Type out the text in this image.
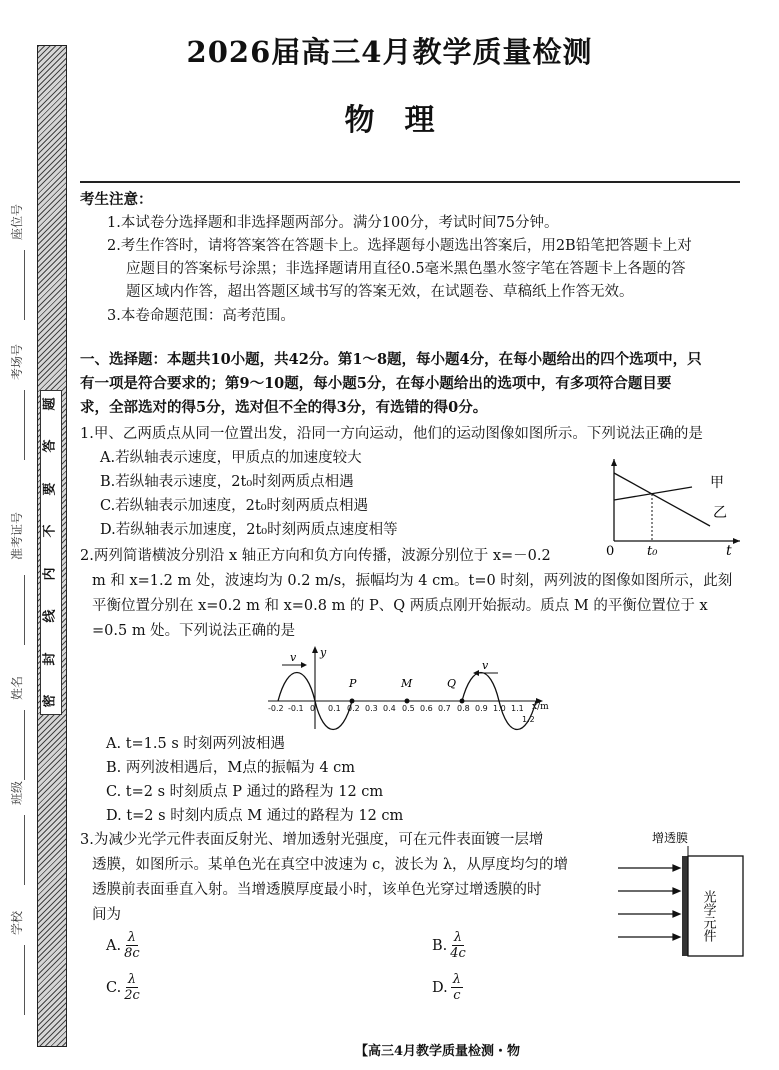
题
答
要
不
内
线
封
密
座位号
考场号
准考证号
姓名
班级
学校
2026届高三4月教学质量检测
物　理
考生注意：
1.本试卷分选择题和非选择题两部分。满分100分，考试时间75分钟。
2.考生作答时，请将答案答在答题卡上。选择题每小题选出答案后，用2B铅笔把答题卡上对
应题目的答案标号涂黑；非选择题请用直径0.5毫米黑色墨水签字笔在答题卡上各题的答
题区域内作答，超出答题区域书写的答案无效，在试题卷、草稿纸上作答无效。
3.本卷命题范围：高考范围。
一、选择题：本题共10小题，共42分。第1～8题，每小题4分，在每小题给出的四个选项中，只
有一项是符合要求的；第9～10题，每小题5分，在每小题给出的选项中，有多项符合题目要
求，全部选对的得5分，选对但不全的得3分，有选错的得0分。
1.甲、乙两质点从同一位置出发，沿同一方向运动，他们的运动图像如图所示。下列说法正确的是
A.若纵轴表示速度，甲质点的加速度较大
B.若纵轴表示速度，2t₀时刻两质点相遇
C.若纵轴表示加速度，2t₀时刻两质点相遇
D.若纵轴表示加速度，2t₀时刻两质点速度相等
甲
乙
0	t₀	t
2.两列简谐横波分别沿 x 轴正方向和负方向传播，波源分别位于 x=－0.2
m 和 x=1.2 m 处，波速均为 0.2 m/s，振幅均为 4 cm。t=0 时刻，两列波的图像如图所示，此刻
平衡位置分别在 x=0.2 m 和 x=0.8 m 的 P、Q 两质点刚开始振动。质点 M 的平衡位置位于 x
=0.5 m 处。下列说法正确的是
y
x/m
v
v
P	M	Q
-0.2 -0.1 0 0.1 0.2 0.3 0.4 0.5 0.6 0.7 0.8 0.9 1.0 1.1
1.2
A. t=1.5 s 时刻两列波相遇
B. 两列波相遇后，M点的振幅为 4 cm
C. t=2 s 时刻质点 P 通过的路程为 12 cm
D. t=2 s 时刻内质点 M 通过的路程为 12 cm
3.为减少光学元件表面反射光、增加透射光强度，可在元件表面镀一层增
透膜，如图所示。某单色光在真空中波速为 c，波长为 λ，从厚度均匀的增
透膜前表面垂直入射。当增透膜厚度最小时，该单色光穿过增透膜的时
间为
增透膜
光学元件
A. $\frac{\lambda}{8c}$	B. $\frac{\lambda}{4c}$
C. $\frac{\lambda}{2c}$	D. $\frac{\lambda}{c}$
【高三4月教学质量检测・物
